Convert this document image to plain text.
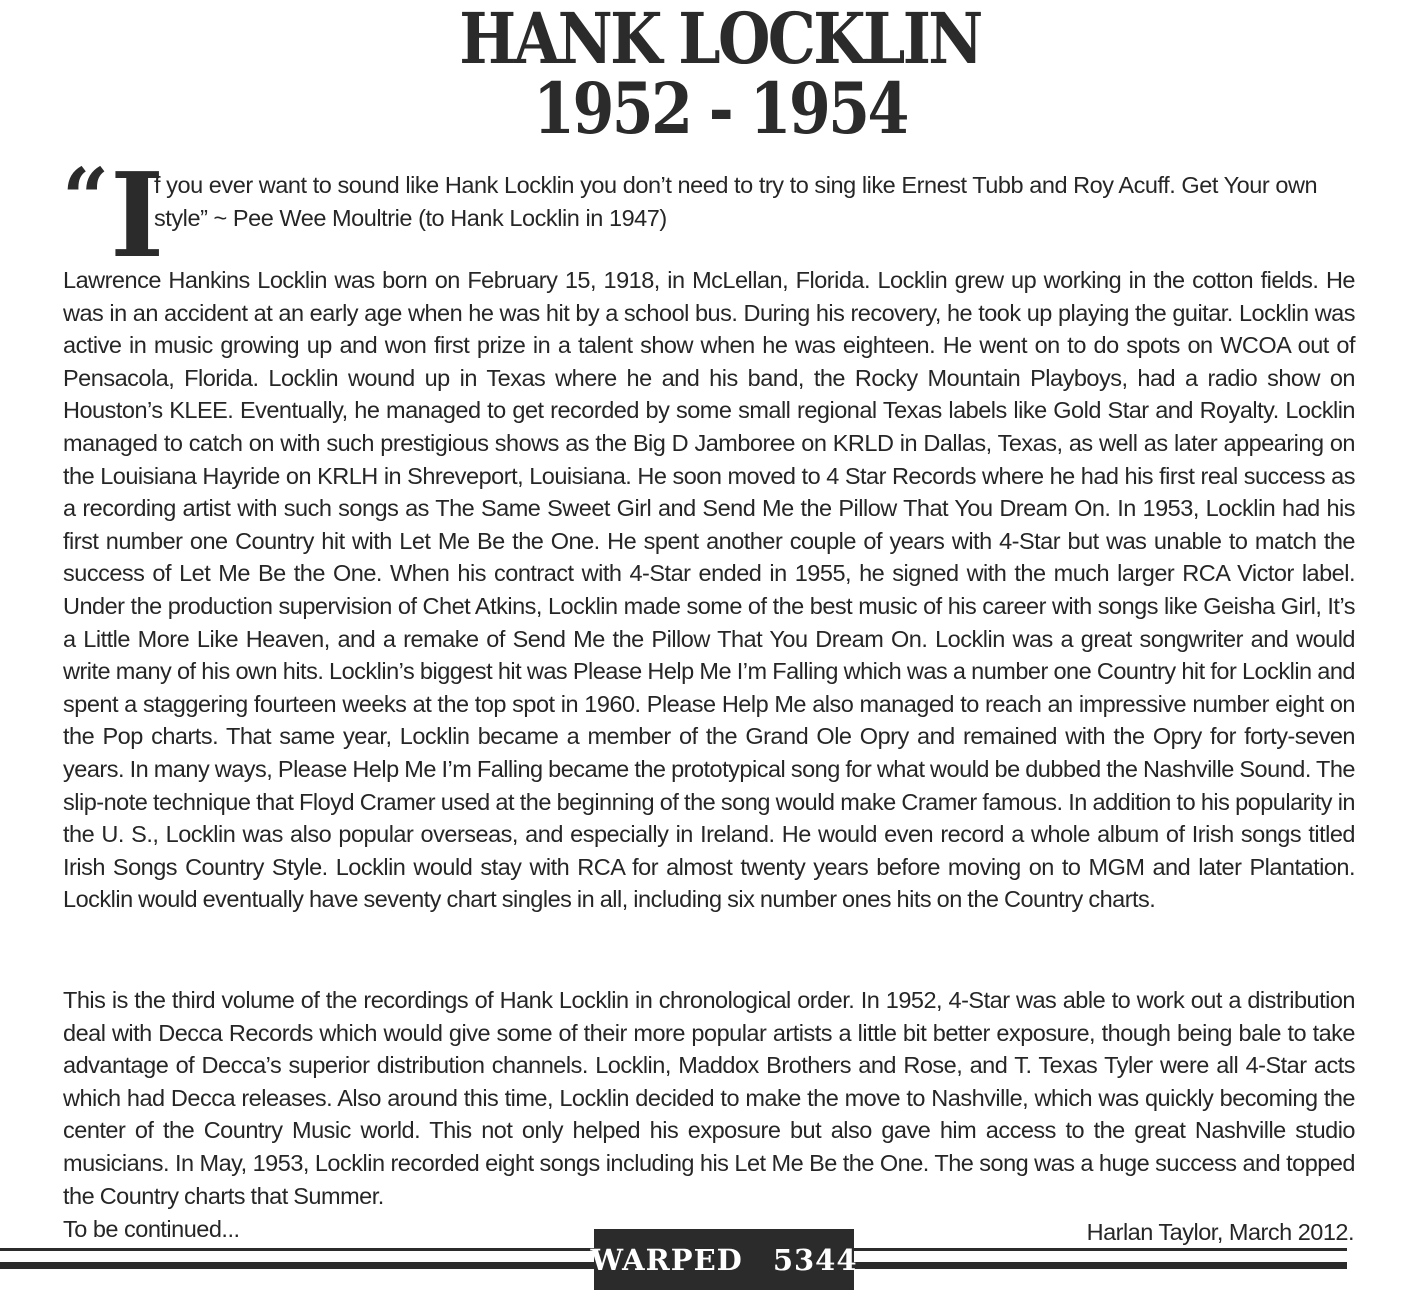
HANK LOCKLIN
1952 - 1954
“ I

f you ever want to sound like Hank Locklin you don’t need to try to sing like Ernest Tubb and Roy Acuff. Get Your own style” ~ Pee Wee Moultrie (to Hank Locklin in 1947)

Lawrence Hankins Locklin was born on February 15, 1918, in McLellan, Florida. Locklin grew up working in the cotton fields. He was in an accident at an early age when he was hit by a school bus. During his recovery, he took up playing the guitar. Locklin was active in music growing up and won first prize in a talent show when he was eighteen. He went on to do spots on WCOA out of Pensacola, Florida. Locklin wound up in Texas where he and his band, the Rocky Mountain Playboys, had a radio show on Houston’s KLEE. Eventually, he managed to get recorded by some small regional Texas labels like Gold Star and Royalty. Locklin managed to catch on with such prestigious shows as the Big D Jamboree on KRLD in Dallas, Texas, as well as later appearing on the Louisiana Hayride on KRLH in Shreveport, Louisiana. He soon moved to 4 Star Records where he had his first real success as a recording artist with such songs as The Same Sweet Girl and Send Me the Pillow That You Dream On. In 1953, Locklin had his first number one Country hit with Let Me Be the One. He spent another couple of years with 4-Star but was unable to match the success of Let Me Be the One. When his contract with 4-Star ended in 1955, he signed with the much larger RCA Victor label. Under the production supervision of Chet Atkins, Locklin made some of the best music of his career with songs like Geisha Girl, It’s a Little More Like Heaven, and a remake of Send Me the Pillow That You Dream On. Locklin was a great songwriter and would write many of his own hits. Locklin’s biggest hit was Please Help Me I’m Falling which was a number one Country hit for Locklin and spent a staggering fourteen weeks at the top spot in 1960. Please Help Me also managed to reach an impressive number eight on the Pop charts. That same year, Locklin became a member of the Grand Ole Opry and remained with the Opry for forty-seven years. In many ways, Please Help Me I’m Falling became the prototypical song for what would be dubbed the Nashville Sound. The slip-note technique that Floyd Cramer used at the beginning of the song would make Cramer famous. In addition to his popularity in the U. S., Locklin was also popular overseas, and especially in Ireland. He would even record a whole album of Irish songs titled Irish Songs Country Style. Locklin would stay with RCA for almost twenty years before moving on to MGM and later Plantation. Locklin would eventually have seventy chart singles in all, including six number ones hits on the Country charts.

This is the third volume of the recordings of Hank Locklin in chronological order. In 1952, 4-Star was able to work out a distribution deal with Decca Records which would give some of their more popular artists a little bit better exposure, though being bale to take advantage of Decca’s superior distribution channels. Locklin, Maddox Brothers and Rose, and T. Texas Tyler were all 4-Star acts which had Decca releases. Also around this time, Locklin decided to make the move to Nashville, which was quickly becoming the center of the Country Music world. This not only helped his exposure but also gave him access to the great Nashville studio musicians. In May, 1953, Locklin recorded eight songs including his Let Me Be the One. The song was a huge success and topped the Country charts that Summer.

To be continued...	Harlan Taylor, March 2012.
WARPED 5344
